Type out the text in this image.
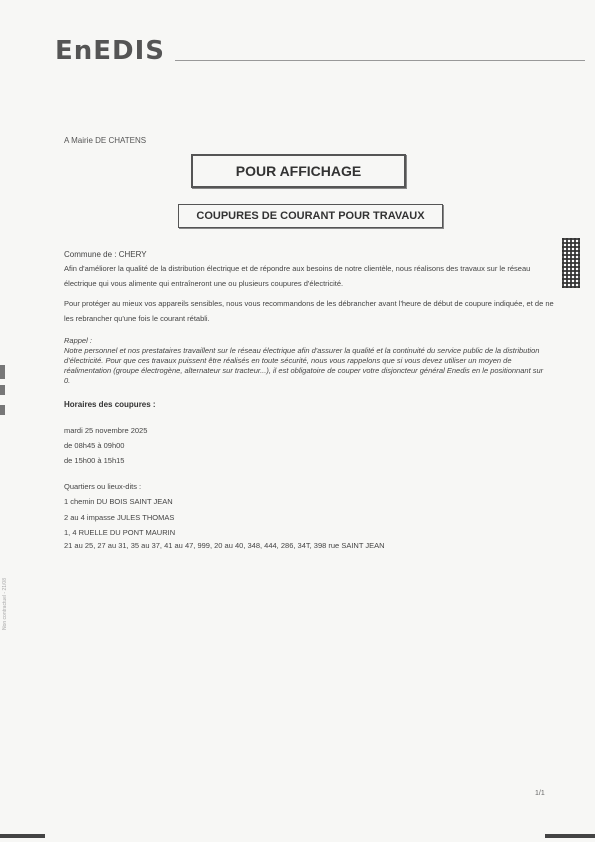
EnEDIS
A Mairie DE CHATENS
POUR AFFICHAGE
COUPURES DE COURANT POUR TRAVAUX
Commune de : CHERY
Afin d'améliorer la qualité de la distribution électrique et de répondre aux besoins de notre clientèle, nous réalisons des travaux sur le réseau électrique qui vous alimente qui entraîneront une ou plusieurs coupures d'électricité.
Pour protéger au mieux vos appareils sensibles, nous vous recommandons de les débrancher avant l'heure de début de coupure indiquée, et de ne les rebrancher qu'une fois le courant rétabli.
Rappel :
Notre personnel et nos prestataires travaillent sur le réseau électrique afin d'assurer la qualité et la continuité du service public de la distribution d'électricité. Pour que ces travaux puissent être réalisés en toute sécurité, nous vous rappelons que si vous devez utiliser un moyen de réalimentation (groupe électrogène, alternateur sur tracteur...), il est obligatoire de couper votre disjoncteur général Enedis en le positionnant sur 0.
Horaires des coupures :
mardi 25 novembre 2025
de 08h45 à 09h00
de 15h00 à 15h15
Quartiers ou lieux-dits :
1 chemin DU BOIS SAINT JEAN
2 au 4 impasse JULES THOMAS
1, 4 RUELLE DU PONT MAURIN
21 au 25, 27 au 31, 35 au 37, 41 au 47, 999, 20 au 40, 348, 444, 286, 34T, 398 rue SAINT JEAN
Non contractuel - 21/08
1/1
